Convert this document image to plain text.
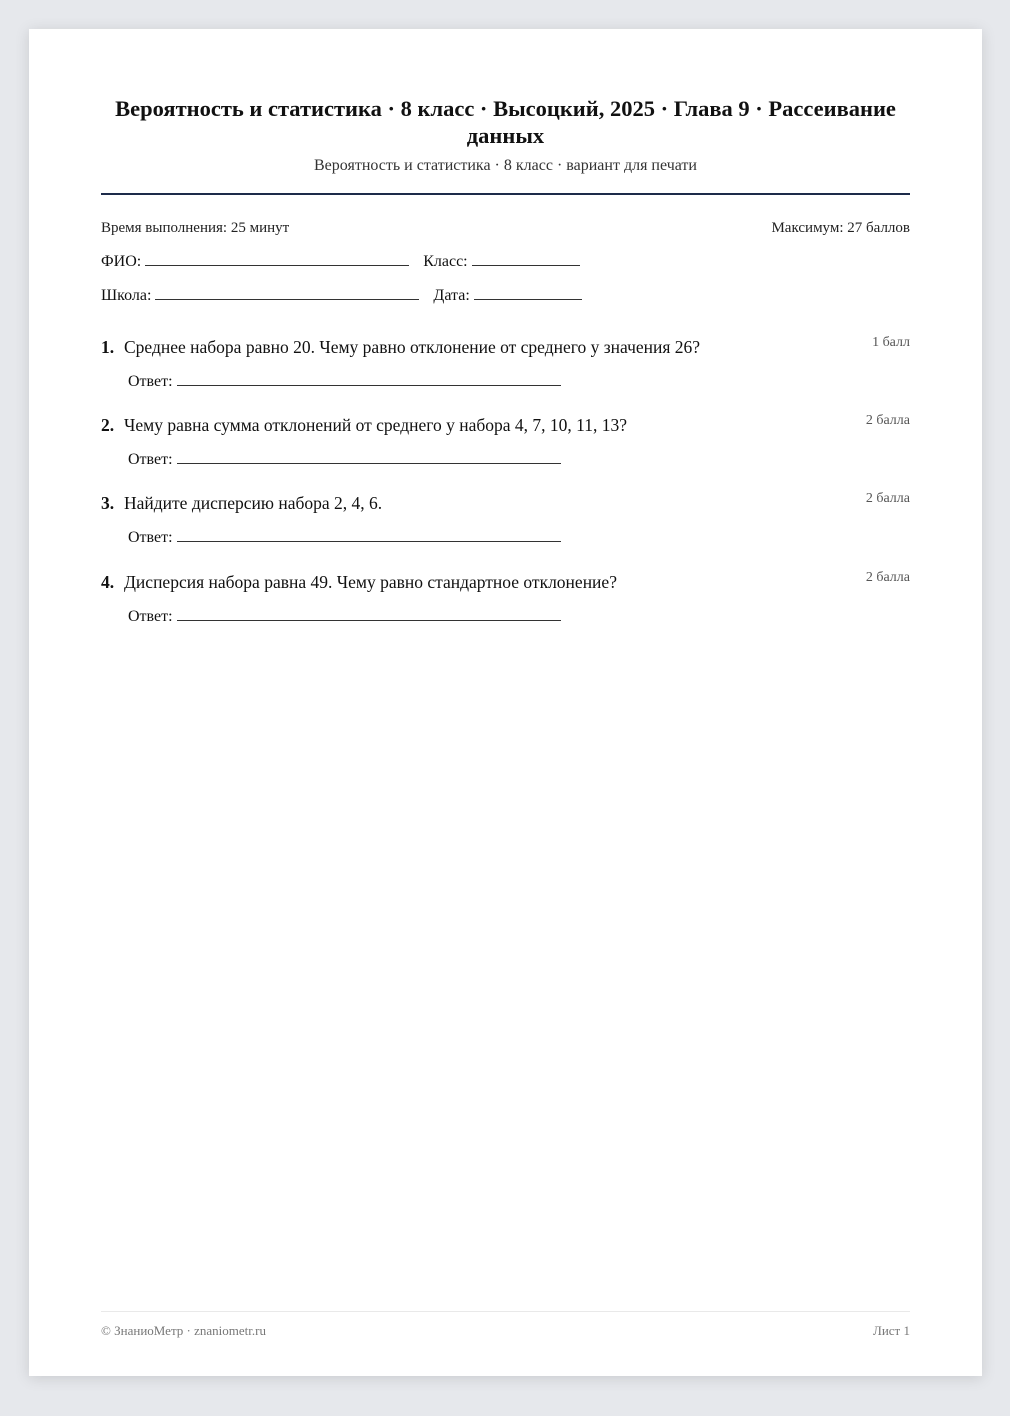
Вероятность и статистика · 8 класс · Высоцкий, 2025 · Глава 9 · Рассеивание данных
Вероятность и статистика · 8 класс · вариант для печати
Время выполнения: 25 минут	Максимум: 27 баллов
ФИО:	Класс:
Школа:	Дата:
1. Среднее набора равно 20. Чему равно отклонение от среднего у значения 26?	1 балл
Ответ:
2. Чему равна сумма отклонений от среднего у набора 4, 7, 10, 11, 13?	2 балла
Ответ:
3. Найдите дисперсию набора 2, 4, 6.	2 балла
Ответ:
4. Дисперсия набора равна 49. Чему равно стандартное отклонение?	2 балла
Ответ:
© ЗнаниоМетр · znaniometr.ru	Лист 1
